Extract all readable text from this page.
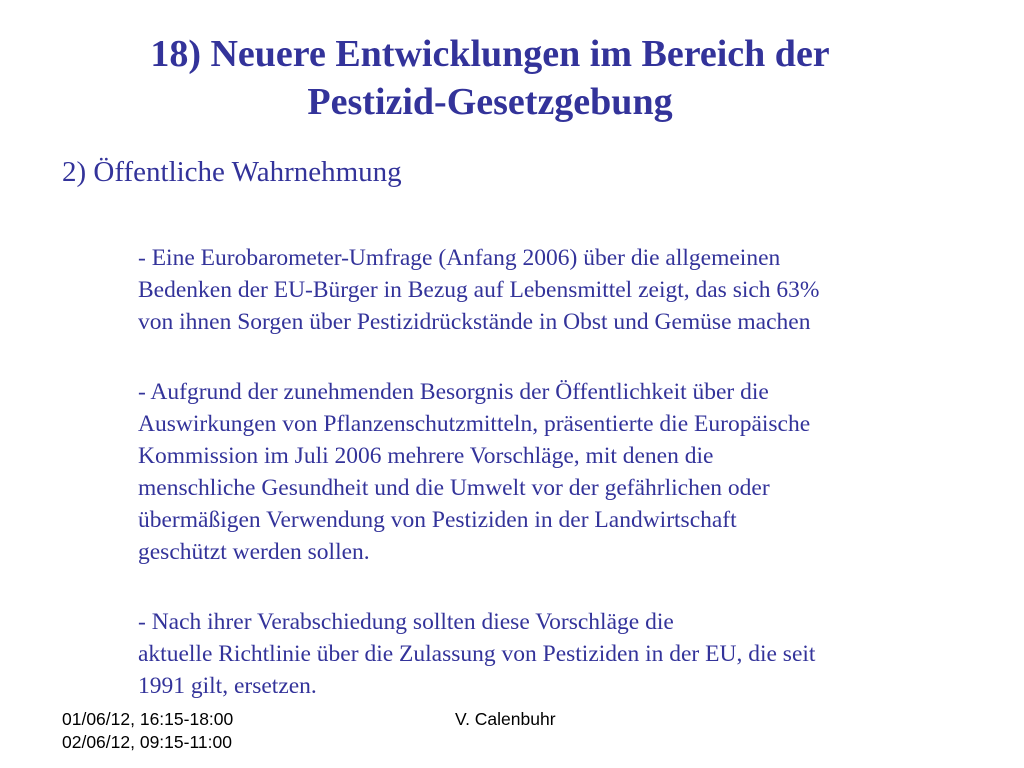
18) Neuere Entwicklungen im Bereich der
Pestizid-Gesetzgebung
2) Öffentliche Wahrnehmung
- Eine Eurobarometer-Umfrage (Anfang 2006) über die allgemeinen
Bedenken der EU-Bürger in Bezug auf Lebensmittel zeigt, das sich 63%
von ihnen Sorgen über Pestizidrückstände in Obst und Gemüse machen
- Aufgrund der zunehmenden Besorgnis der Öffentlichkeit über die
Auswirkungen von Pflanzenschutzmitteln, präsentierte die Europäische
Kommission im Juli 2006 mehrere Vorschläge, mit denen die
menschliche Gesundheit und die Umwelt vor der gefährlichen oder
übermäßigen Verwendung von Pestiziden in der Landwirtschaft
geschützt werden sollen.
- Nach ihrer Verabschiedung sollten diese Vorschläge die
aktuelle Richtlinie über die Zulassung von Pestiziden in der EU, die seit
1991 gilt, ersetzen.
01/06/12, 16:15-18:00
02/06/12, 09:15-11:00
V. Calenbuhr
